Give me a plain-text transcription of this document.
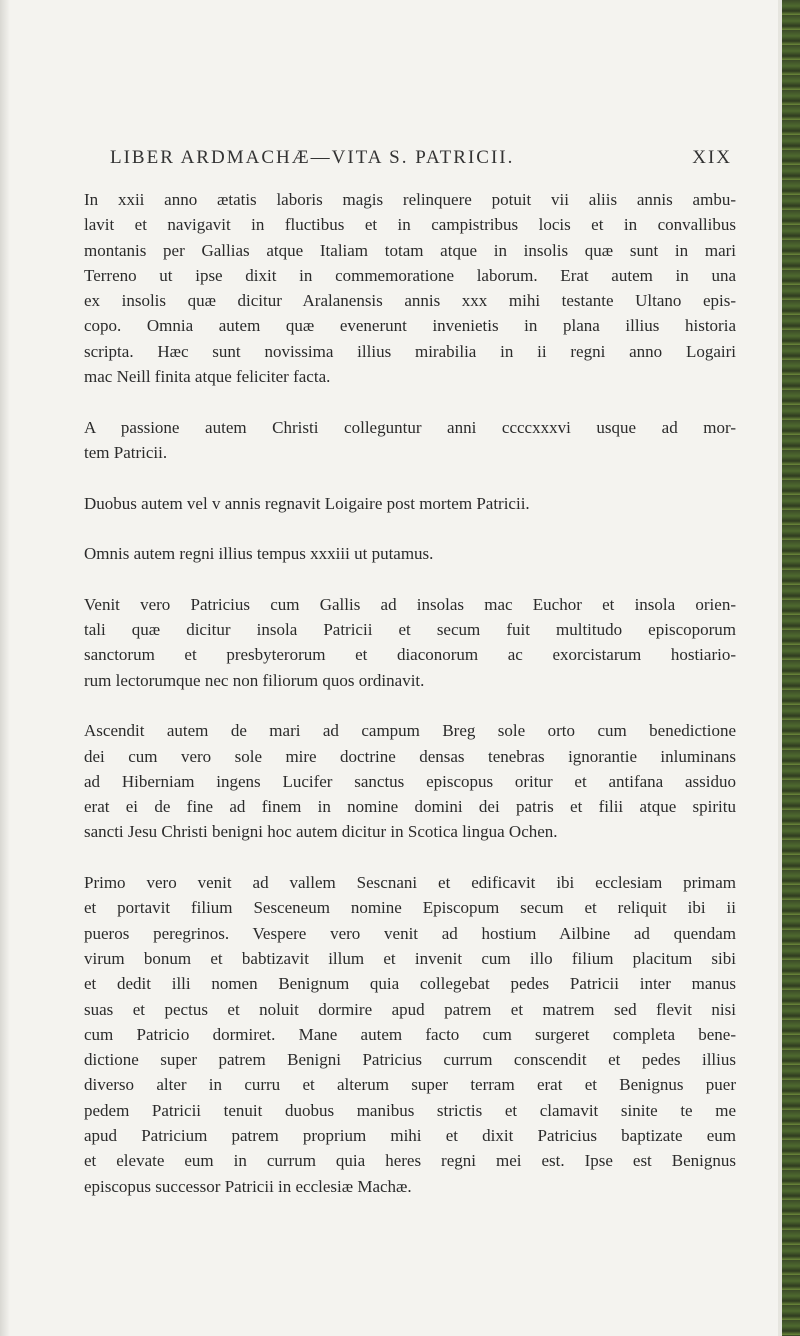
LIBER ARDMACHÆ—VITA S. PATRICII.	XIX

In xxii anno ætatis laboris magis relinquere potuit vii aliis annis ambu-
lavit et navigavit in fluctibus et in campistribus locis et in convallibus
montanis per Gallias atque Italiam totam atque in insolis quæ sunt in mari
Terreno ut ipse dixit in commemoratione laborum. Erat autem in una
ex insolis quæ dicitur Aralanensis annis xxx mihi testante Ultano epis-
copo. Omnia autem quæ evenerunt invenietis in plana illius historia
scripta. Hæc sunt novissima illius mirabilia in ii regni anno Logairi
mac Neill finita atque feliciter facta.

A passione autem Christi colleguntur anni ccccxxxvi usque ad mor-
tem Patricii.

Duobus autem vel v annis regnavit Loigaire post mortem Patricii.

Omnis autem regni illius tempus xxxiii ut putamus.

Venit vero Patricius cum Gallis ad insolas mac Euchor et insola orien-
tali quæ dicitur insola Patricii et secum fuit multitudo episcoporum
sanctorum et presbyterorum et diaconorum ac exorcistarum hostiario-
rum lectorumque nec non filiorum quos ordinavit.

Ascendit autem de mari ad campum Breg sole orto cum benedictione
dei cum vero sole mire doctrine densas tenebras ignorantie inluminans
ad Hiberniam ingens Lucifer sanctus episcopus oritur et antifana assiduo
erat ei de fine ad finem in nomine domini dei patris et filii atque spiritu
sancti Jesu Christi benigni hoc autem dicitur in Scotica lingua Ochen.

Primo vero venit ad vallem Sescnani et edificavit ibi ecclesiam primam
et portavit filium Sesceneum nomine Episcopum secum et reliquit ibi ii
pueros peregrinos. Vespere vero venit ad hostium Ailbine ad quendam
virum bonum et babtizavit illum et invenit cum illo filium placitum sibi
et dedit illi nomen Benignum quia collegebat pedes Patricii inter manus
suas et pectus et noluit dormire apud patrem et matrem sed flevit nisi
cum Patricio dormiret. Mane autem facto cum surgeret completa bene-
dictione super patrem Benigni Patricius currum conscendit et pedes illius
diverso alter in curru et alterum super terram erat et Benignus puer
pedem Patricii tenuit duobus manibus strictis et clamavit sinite te me
apud Patricium patrem proprium mihi et dixit Patricius baptizate eum
et elevate eum in currum quia heres regni mei est. Ipse est Benignus
episcopus successor Patricii in ecclesiæ Machæ.
